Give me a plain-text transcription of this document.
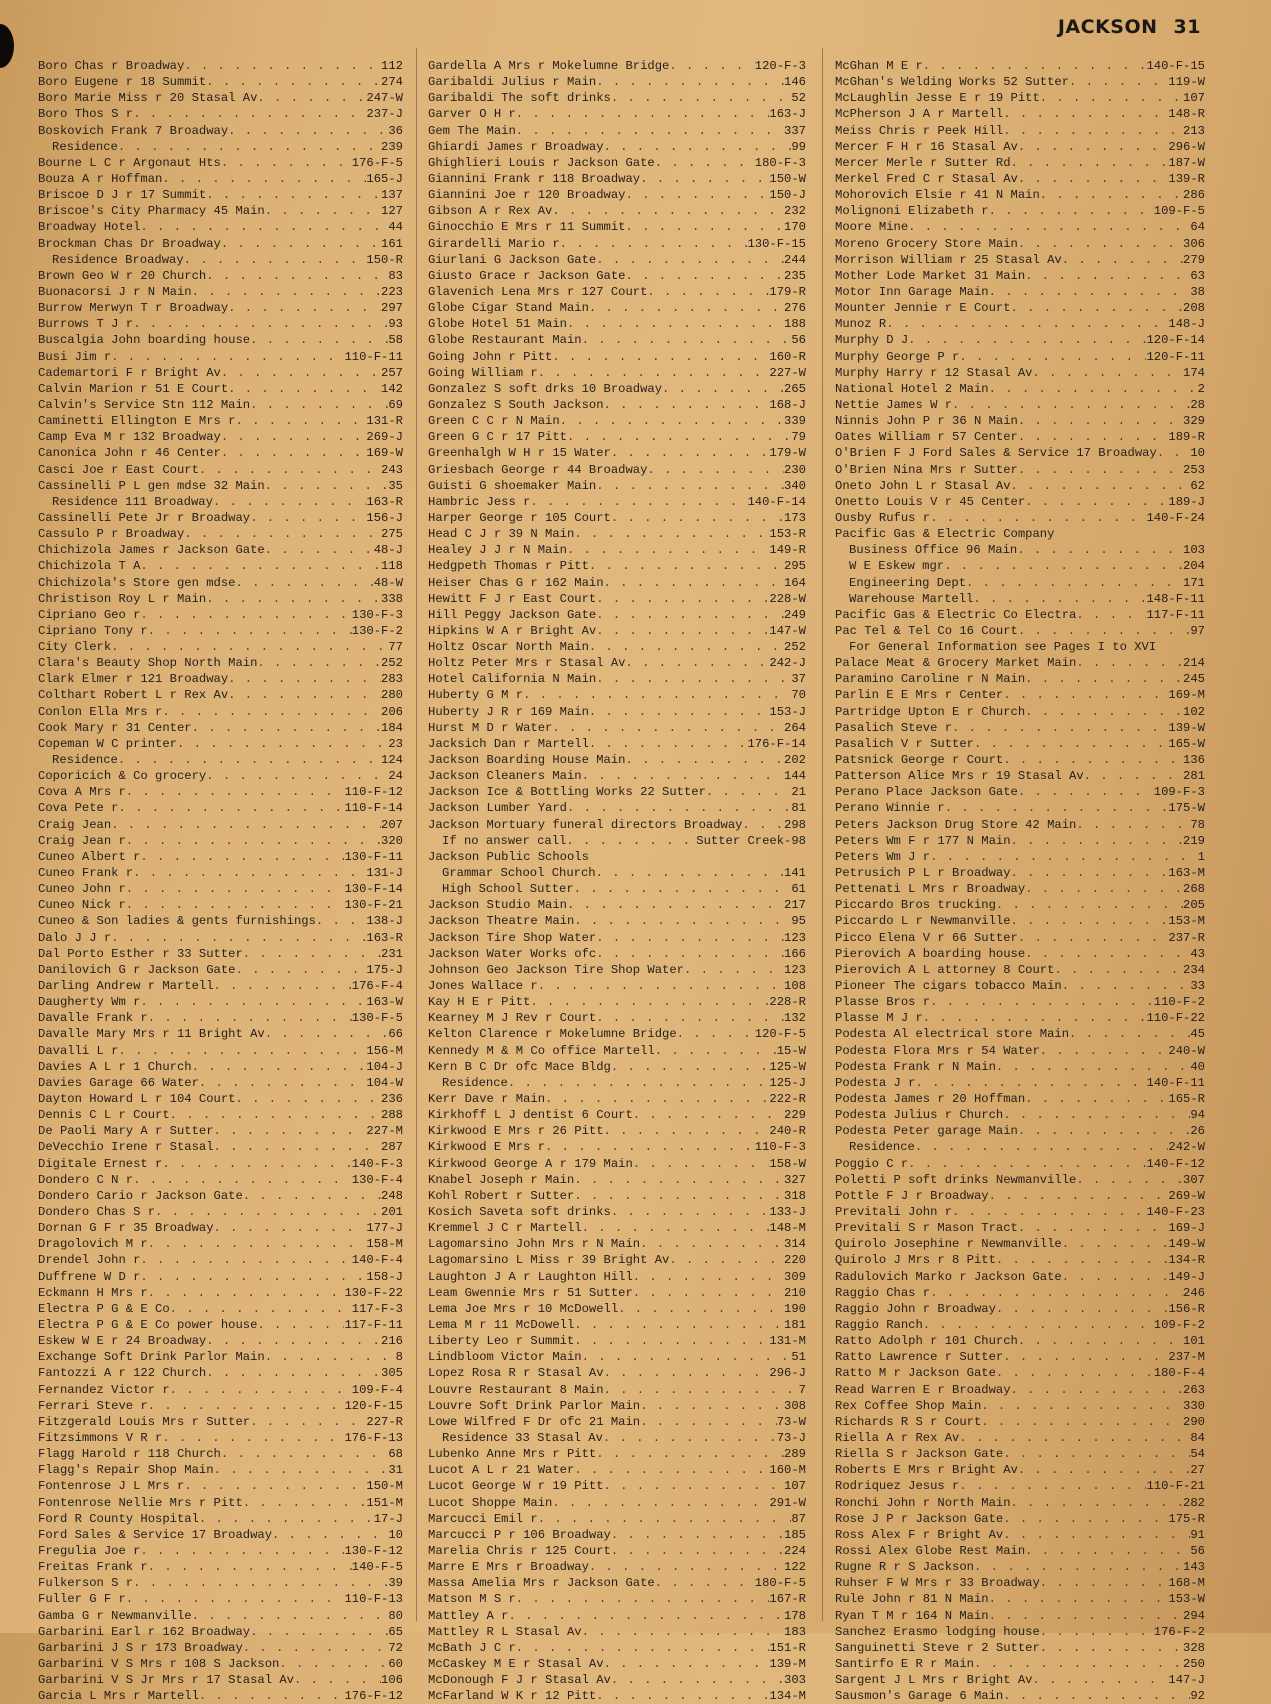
JACKSON 31
Boro Chas r Broadway . . .	112
Boro Eugene r 18 Summit . . .	274
Boro Marie Miss r 20 Stasal Av . . .	247-W
Boro Thos S r . . .	237-J
Boskovich Frank 7 Broadway . . .	36
Residence . . .	239
Bourne L C r Argonaut Hts . . .	176-F-5
Bouza A r Hoffman . . .	165-J
Briscoe D J r 17 Summit . . .	137
Briscoe's City Pharmacy 45 Main . . .	127
Broadway Hotel . . .	44
Brockman Chas Dr Broadway . . .	161
Residence Broadway . . .	150-R
Brown Geo W r 20 Church . . .	83
Buonacorsi J r N Main . . .	223
Burrow Merwyn T r Broadway . . .	297
Burrows T J r . . .	93
Buscalgia John boarding house . . .	58
Busi Jim r . . .	110-F-11
Cademartori F r Bright Av . . .	257
Calvin Marion r 51 E Court . . .	142
Calvin's Service Stn 112 Main . . .	69
Caminetti Ellington E Mrs r . . .	131-R
Camp Eva M r 132 Broadway . . .	269-J
Canonica John r 46 Center . . .	169-W
Casci Joe r East Court . . .	243
Cassinelli P L gen mdse 32 Main . . .	35
Residence 111 Broadway . . .	163-R
Cassinelli Pete Jr r Broadway . . .	156-J
Cassulo P r Broadway . . .	275
Chichizola James r Jackson Gate . . .	48-J
Chichizola T A . . .	118
Chichizola's Store gen mdse . . .	48-W
Christison Roy L r Main . . .	338
Cipriano Geo r . . .	130-F-3
Cipriano Tony r . . .	130-F-2
City Clerk . . .	77
Clara's Beauty Shop North Main . . .	252
Clark Elmer r 121 Broadway . . .	283
Colthart Robert L r Rex Av . . .	280
Conlon Ella Mrs r . . .	206
Cook Mary r 31 Center . . .	184
Copeman W C printer . . .	23
Residence . . .	124
Coporicich & Co grocery . . .	24
Cova A Mrs r . . .	110-F-12
Cova Pete r . . .	110-F-14
Craig Jean . . .	207
Craig Jean r . . .	320
Cuneo Albert r . . .	130-F-11
Cuneo Frank r . . .	131-J
Cuneo John r . . .	130-F-14
Cuneo Nick r . . .	130-F-21
Cuneo & Son ladies & gents furnishings . . .	138-J
Dalo J J r . . .	163-R
Dal Porto Esther r 33 Sutter . . .	231
Danilovich G r Jackson Gate . . .	175-J
Darling Andrew r Martell . . .	176-F-4
Daugherty Wm r . . .	163-W
Davalle Frank r . . .	130-F-5
Davalle Mary Mrs r 11 Bright Av . . .	66
Davalli L r . . .	156-M
Davies A L r 1 Church . . .	104-J
Davies Garage 66 Water . . .	104-W
Dayton Howard L r 104 Court . . .	236
Dennis C L r Court . . .	288
De Paoli Mary A r Sutter . . .	227-M
DeVecchio Irene r Stasal . . .	287
Digitale Ernest r . . .	140-F-3
Dondero C N r . . .	130-F-4
Dondero Cario r Jackson Gate . . .	248
Dondero Chas S r . . .	201
Dornan G F r 35 Broadway . . .	177-J
Dragolovich M r . . .	158-M
Drendel John r . . .	140-F-4
Duffrene W D r . . .	158-J
Eckmann H Mrs r . . .	130-F-22
Electra P G & E Co . . .	117-F-3
Electra P G & E Co power house . . .	117-F-11
Eskew W E r 24 Broadway . . .	216
Exchange Soft Drink Parlor Main . . .	8
Fantozzi A r 122 Church . . .	305
Fernandez Victor r . . .	109-F-4
Ferrari Steve r . . .	120-F-15
Fitzgerald Louis Mrs r Sutter . . .	227-R
Fitzsimmons V R r . . .	176-F-13
Flagg Harold r 118 Church . . .	68
Flagg's Repair Shop Main . . .	31
Fontenrose J L Mrs r . . .	150-M
Fontenrose Nellie Mrs r Pitt . . .	151-M
Ford R County Hospital . . .	17-J
Ford Sales & Service 17 Broadway . . .	10
Fregulia Joe r . . .	130-F-12
Freitas Frank r . . .	140-F-5
Fulkerson S r . . .	39
Fuller G F r . . .	110-F-13
Gamba G r Newmanville . . .	80
Garbarini Earl r 162 Broadway . . .	65
Garbarini J S r 173 Broadway . . .	72
Garbarini V S Mrs r 108 S Jackson . . .	60
Garbarini V S Jr Mrs r 17 Stasal Av . . .	106
Garcia L Mrs r Martell . . .	176-F-12
Gardella A Mrs r Mokelumne Bridge . . .	120-F-3
Garibaldi Julius r Main . . .	146
Garibaldi The soft drinks . . .	52
Garver O H r . . .	163-J
Gem The Main . . .	337
Ghiardi James r Broadway . . .	99
Ghighlieri Louis r Jackson Gate . . .	180-F-3
Giannini Frank r 118 Broadway . . .	150-W
Giannini Joe r 120 Broadway . . .	150-J
Gibson A r Rex Av . . .	232
Ginocchio E Mrs r 11 Summit . . .	170
Girardelli Mario r . . .	130-F-15
Giurlani G Jackson Gate . . .	244
Giusto Grace r Jackson Gate . . .	235
Glavenich Lena Mrs r 127 Court . . .	179-R
Globe Cigar Stand Main . . .	276
Globe Hotel 51 Main . . .	188
Globe Restaurant Main . . .	56
Going John r Pitt . . .	160-R
Going William r . . .	227-W
Gonzalez S soft drks 10 Broadway . . .	265
Gonzalez S South Jackson . . .	168-J
Green C C r N Main . . .	339
Green G C r 17 Pitt . . .	79
Greenhalgh W H r 15 Water . . .	179-W
Griesbach George r 44 Broadway . . .	230
Guisti G shoemaker Main . . .	340
Hambric Jess r . . .	140-F-14
Harper George r 105 Court . . .	173
Head C J r 39 N Main . . .	153-R
Healey J J r N Main . . .	149-R
Hedgpeth Thomas r Pitt . . .	295
Heiser Chas G r 162 Main . . .	164
Hewitt F J r East Court . . .	228-W
Hill Peggy Jackson Gate . . .	249
Hipkins W A r Bright Av . . .	147-W
Holtz Oscar North Main . . .	252
Holtz Peter Mrs r Stasal Av . . .	242-J
Hotel California N Main . . .	37
Huberty G M r . . .	70
Huberty J R r 169 Main . . .	153-J
Hurst M D r Water . . .	264
Jacksich Dan r Martell . . .	176-F-14
Jackson Boarding House Main . . .	202
Jackson Cleaners Main . . .	144
Jackson Ice & Bottling Works 22 Sutter . . .	21
Jackson Lumber Yard . . .	81
Jackson Mortuary funeral directors Broadway . . .	298
If no answer call . . .	Sutter Creek-98
Jackson Public Schools
Grammar School Church . . .	141
High School Sutter . . .	61
Jackson Studio Main . . .	217
Jackson Theatre Main . . .	95
Jackson Tire Shop Water . . .	123
Jackson Water Works ofc . . .	166
Johnson Geo Jackson Tire Shop Water . . .	123
Jones Wallace r . . .	108
Kay H E r Pitt . . .	228-R
Kearney M J Rev r Court . . .	132
Kelton Clarence r Mokelumne Bridge . . .	120-F-5
Kennedy M & M Co office Martell . . .	15-W
Kern B C Dr ofc Mace Bldg . . .	125-W
Residence . . .	125-J
Kerr Dave r Main . . .	222-R
Kirkhoff L J dentist 6 Court . . .	229
Kirkwood E Mrs r 26 Pitt . . .	240-R
Kirkwood E Mrs r . . .	110-F-3
Kirkwood George A r 179 Main . . .	158-W
Knabel Joseph r Main . . .	327
Kohl Robert r Sutter . . .	318
Kosich Saveta soft drinks . . .	133-J
Kremmel J C r Martell . . .	148-M
Lagomarsino John Mrs r N Main . . .	314
Lagomarsino L Miss r 39 Bright Av . . .	220
Laughton J A r Laughton Hill . . .	309
Leam Gwennie Mrs r 51 Sutter . . .	210
Lema Joe Mrs r 10 McDowell . . .	190
Lema M r 11 McDowell . . .	181
Liberty Leo r Summit . . .	131-M
Lindbloom Victor Main . . .	51
Lopez Rosa R r Stasal Av . . .	296-J
Louvre Restaurant 8 Main . . .	7
Louvre Soft Drink Parlor Main . . .	308
Lowe Wilfred F Dr ofc 21 Main . . .	73-W
Residence 33 Stasal Av . . .	73-J
Lubenko Anne Mrs r Pitt . . .	289
Lucot A L r 21 Water . . .	160-M
Lucot George W r 19 Pitt . . .	107
Lucot Shoppe Main . . .	291-W
Marcucci Emil r . . .	87
Marcucci P r 106 Broadway . . .	185
Marelia Chris r 125 Court . . .	224
Marre E Mrs r Broadway . . .	122
Massa Amelia Mrs r Jackson Gate . . .	180-F-5
Matson M S r . . .	167-R
Mattley A r . . .	178
Mattley R L Stasal Av . . .	183
McBath J C r . . .	151-R
McCaskey M E r Stasal Av . . .	139-M
McDonough F J r Stasal Av . . .	303
McFarland W K r 12 Pitt . . .	134-M
McGhan M E r . . .	140-F-15
McGhan's Welding Works 52 Sutter . . .	119-W
McLaughlin Jesse E r 19 Pitt . . .	107
McPherson J A r Martell . . .	148-R
Meiss Chris r Peek Hill . . .	213
Mercer F H r 16 Stasal Av . . .	296-W
Mercer Merle r Sutter Rd . . .	187-W
Merkel Fred C r Stasal Av . . .	139-R
Mohorovich Elsie r 41 N Main . . .	286
Molignoni Elizabeth r . . .	109-F-5
Moore Mine . . .	64
Moreno Grocery Store Main . . .	306
Morrison William r 25 Stasal Av . . .	279
Mother Lode Market 31 Main . . .	63
Motor Inn Garage Main . . .	38
Mounter Jennie r E Court . . .	208
Munoz R . . .	148-J
Murphy D J . . .	120-F-14
Murphy George P r . . .	120-F-11
Murphy Harry r 12 Stasal Av . . .	174
National Hotel 2 Main . . .	2
Nettie James W r . . .	28
Ninnis John P r 36 N Main . . .	329
Oates William r 57 Center . . .	189-R
O'Brien F J Ford Sales & Service 17 Broadway . . .	10
O'Brien Nina Mrs r Sutter . . .	253
Oneto John L r Stasal Av . . .	62
Onetto Louis V r 45 Center . . .	189-J
Ousby Rufus r . . .	140-F-24
Pacific Gas & Electric Company
Business Office 96 Main . . .	103
W E Eskew mgr . . .	204
Engineering Dept . . .	171
Warehouse Martell . . .	148-F-11
Pacific Gas & Electric Co Electra . . .	117-F-11
Pac Tel & Tel Co 16 Court . . .	97
For General Information see Pages I to XVI
Palace Meat & Grocery Market Main . . .	214
Paramino Caroline r N Main . . .	245
Parlin E E Mrs r Center . . .	169-M
Partridge Upton E r Church . . .	102
Pasalich Steve r . . .	139-W
Pasalich V r Sutter . . .	165-W
Patsnick George r Court . . .	136
Patterson Alice Mrs r 19 Stasal Av . . .	281
Perano Place Jackson Gate . . .	109-F-3
Perano Winnie r . . .	175-W
Peters Jackson Drug Store 42 Main . . .	78
Peters Wm F r 177 N Main . . .	219
Peters Wm J r . . .	1
Petrusich P L r Broadway . . .	163-M
Pettenati L Mrs r Broadway . . .	268
Piccardo Bros trucking . . .	205
Piccardo L r Newmanville . . .	153-M
Picco Elena V r 66 Sutter . . .	237-R
Pierovich A boarding house . . .	43
Pierovich A L attorney 8 Court . . .	234
Pioneer The cigars tobacco Main . . .	33
Plasse Bros r . . .	110-F-2
Plasse M J r . . .	110-F-22
Podesta Al electrical store Main . . .	45
Podesta Flora Mrs r 54 Water . . .	240-W
Podesta Frank r N Main . . .	40
Podesta J r . . .	140-F-11
Podesta James r 20 Hoffman . . .	165-R
Podesta Julius r Church . . .	94
Podesta Peter garage Main . . .	26
Residence . . .	242-W
Poggio C r . . .	140-F-12
Poletti P soft drinks Newmanville . . .	307
Pottle F J r Broadway . . .	269-W
Previtali John r . . .	140-F-23
Previtali S r Mason Tract . . .	169-J
Quirolo Josephine r Newmanville . . .	149-W
Quirolo J Mrs r 8 Pitt . . .	134-R
Radulovich Marko r Jackson Gate . . .	149-J
Raggio Chas r . . .	246
Raggio John r Broadway . . .	156-R
Raggio Ranch . . .	109-F-2
Ratto Adolph r 101 Church . . .	101
Ratto Lawrence r Sutter . . .	237-M
Ratto M r Jackson Gate . . .	180-F-4
Read Warren E r Broadway . . .	263
Rex Coffee Shop Main . . .	330
Richards R S r Court . . .	290
Riella A r Rex Av . . .	84
Riella S r Jackson Gate . . .	54
Roberts E Mrs r Bright Av . . .	27
Rodriquez Jesus r . . .	110-F-21
Ronchi John r North Main . . .	282
Rose J P r Jackson Gate . . .	175-R
Ross Alex F r Bright Av . . .	91
Rossi Alex Globe Rest Main . . .	56
Rugne R r S Jackson . . .	143
Ruhser F W Mrs r 33 Broadway . . .	168-M
Rule John r 81 N Main . . .	153-W
Ryan T M r 164 N Main . . .	294
Sanchez Erasmo lodging house . . .	176-F-2
Sanguinetti Steve r 2 Sutter . . .	328
Santirfo E R r Main . . .	250
Sargent J L Mrs r Bright Av . . .	147-J
Sausmon's Garage 6 Main . . .	92
